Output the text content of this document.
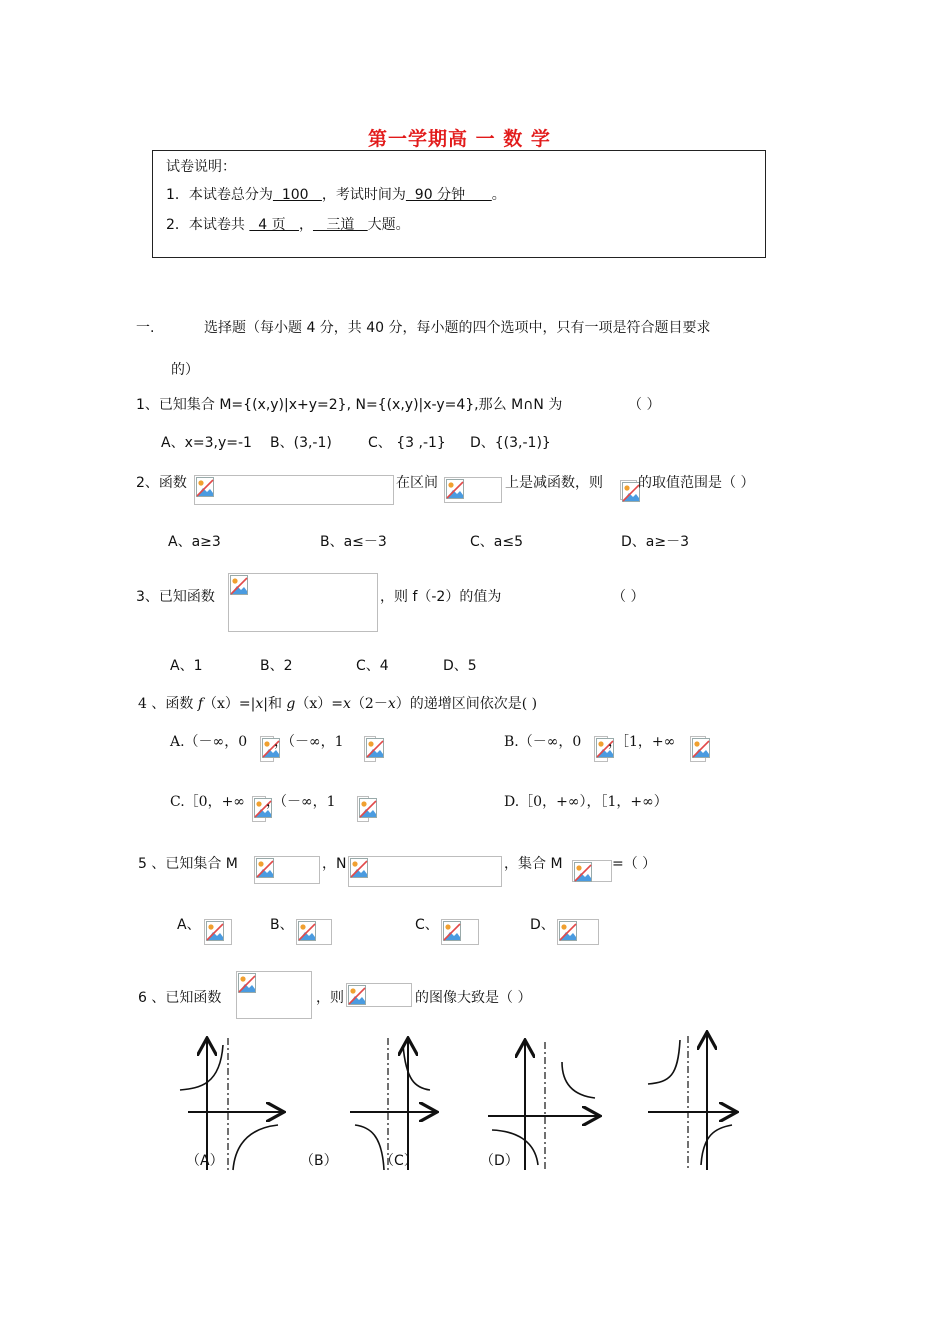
第一学期高 一 数 学
试卷说明：
1．本试卷总分为  100   ，考试时间为  90 分钟      。
2．本试卷共   4 页   ，   三道   大题。
一.	选择题（每小题 4 分，共 40 分，每小题的四个选项中，只有一项是符合题目要求
的）
1、已知集合 M={(x,y)|x+y=2}, N={(x,y)|x-y=4},那么 M∩N 为	（ ）
A、x=3,y=-1 B、(3,-1)	C、 {3 ,-1} D、{(3,-1)}
2、函数	在区间	上是减函数，则	的取值范围是（ ）
A、a≥3	B、a≤－3	C、a≤5	D、a≥－3
3、已知函数	，则 f（-2）的值为	（ ）
A、1	B、2	C、4	D、5
4 、函数 f（x）=|x|和 g（x）=x（2－x）的递增区间依次是( )
A.（－∞，0 ，（－∞，1	B.（－∞，0 ，［1，+∞
C.［0，+∞ ，（－∞，1	D.［0，+∞），［1，+∞）
5 、已知集合 M	，N	，集合 M	=（ ）
A、	B、	C、	D、
6 、已知函数	，则	的图像大致是（ ）
（A）	（B）	（C）	（D）
